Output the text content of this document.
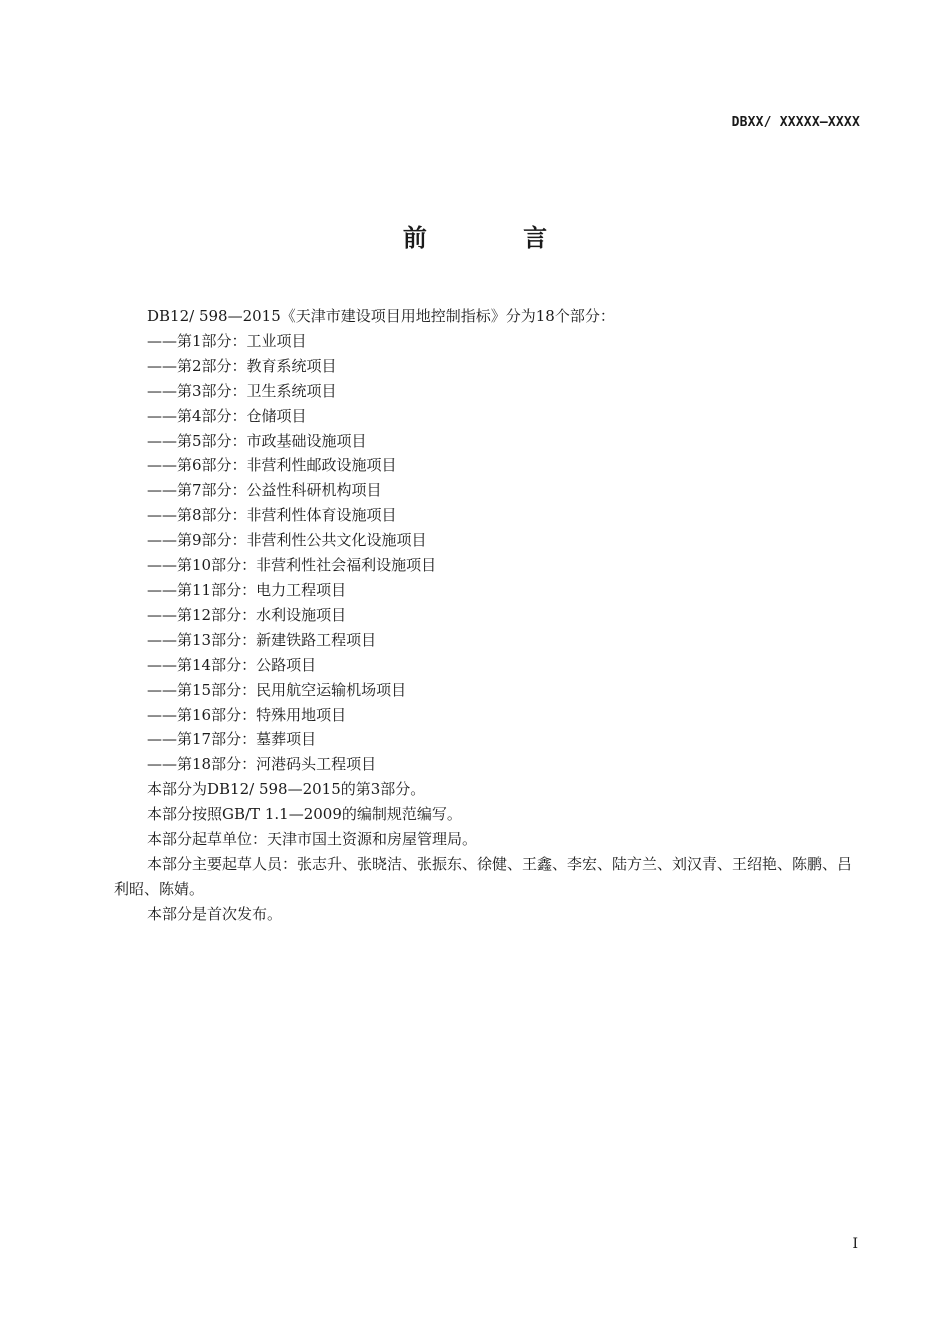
DBXX/ XXXXX—XXXX
前 言

DB12/ 598—2015《天津市建设项目用地控制指标》分为18个部分：

——第1部分：工业项目

——第2部分：教育系统项目

——第3部分：卫生系统项目

——第4部分：仓储项目

——第5部分：市政基础设施项目

——第6部分：非营利性邮政设施项目

——第7部分：公益性科研机构项目

——第8部分：非营利性体育设施项目

——第9部分：非营利性公共文化设施项目

——第10部分：非营利性社会福利设施项目

——第11部分：电力工程项目

——第12部分：水利设施项目

——第13部分：新建铁路工程项目

——第14部分：公路项目

——第15部分：民用航空运输机场项目

——第16部分：特殊用地项目

——第17部分：墓葬项目

——第18部分：河港码头工程项目

本部分为DB12/ 598—2015的第3部分。

本部分按照GB/T 1.1—2009的编制规范编写。

本部分起草单位：天津市国土资源和房屋管理局。

本部分主要起草人员：张志升、张晓洁、张振东、徐健、王鑫、李宏、陆方兰、刘汉青、王绍艳、陈鹏、吕利昭、陈婧。

本部分是首次发布。

I
